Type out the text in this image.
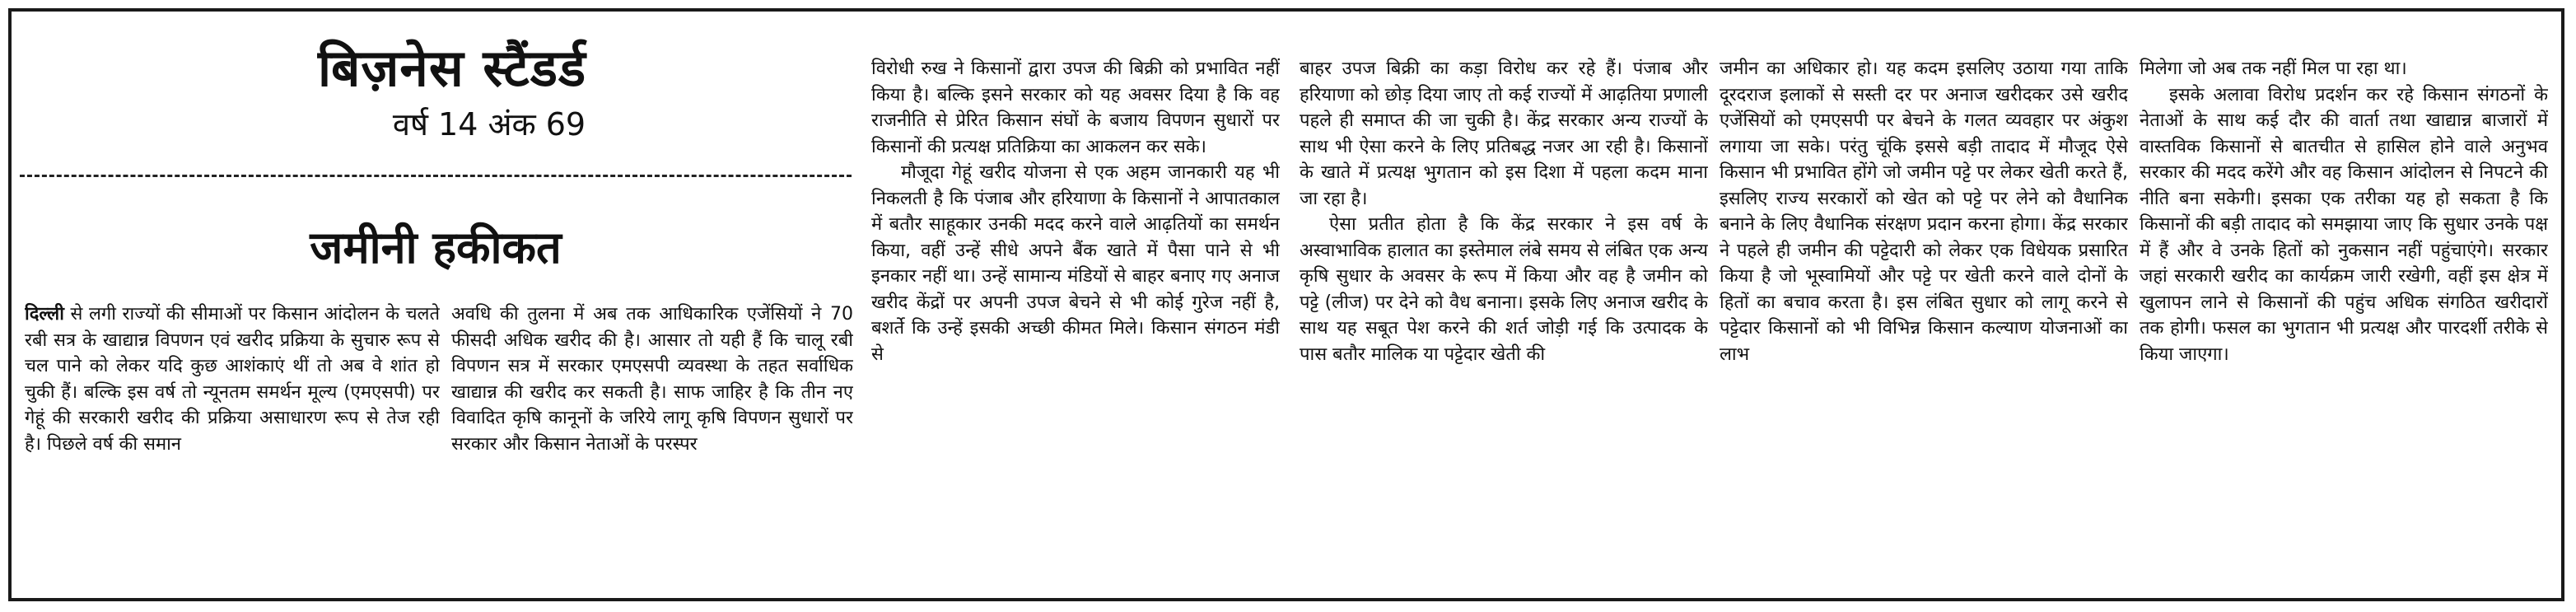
बिज़नेस स्टैंडर्ड
वर्ष 14 अंक 69
जमीनी हकीकत

दिल्ली से लगी राज्यों की सीमाओं पर किसान आंदोलन के चलते रबी सत्र के खाद्यान्न विपणन एवं खरीद प्रक्रिया के सुचारु रूप से चल पाने को लेकर यदि कुछ आशंकाएं थीं तो अब वे शांत हो चुकी हैं। बल्कि इस वर्ष तो न्यूनतम समर्थन मूल्य (एमएसपी) पर गेहूं की सरकारी खरीद की प्रक्रिया असाधारण रूप से तेज रही है। पिछले वर्ष की समान

अवधि की तुलना में अब तक आधिकारिक एजेंसियों ने 70 फीसदी अधिक खरीद की है। आसार तो यही हैं कि चालू रबी विपणन सत्र में सरकार एमएसपी व्यवस्था के तहत सर्वाधिक खाद्यान्न की खरीद कर सकती है। साफ जाहिर है कि तीन नए विवादित कृषि कानूनों के जरिये लागू कृषि विपणन सुधारों पर सरकार और किसान नेताओं के परस्पर

विरोधी रुख ने किसानों द्वारा उपज की बिक्री को प्रभावित नहीं किया है। बल्कि इसने सरकार को यह अवसर दिया है कि वह राजनीति से प्रेरित किसान संघों के बजाय विपणन सुधारों पर किसानों की प्रत्यक्ष प्रतिक्रिया का आकलन कर सके।

मौजूदा गेहूं खरीद योजना से एक अहम जानकारी यह भी निकलती है कि पंजाब और हरियाणा के किसानों ने आपातकाल में बतौर साहूकार उनकी मदद करने वाले आढ़तियों का समर्थन किया, वहीं उन्हें सीधे अपने बैंक खाते में पैसा पाने से भी इनकार नहीं था। उन्हें सामान्य मंडियों से बाहर बनाए गए अनाज खरीद केंद्रों पर अपनी उपज बेचने से भी कोई गुरेज नहीं है, बशर्ते कि उन्हें इसकी अच्छी कीमत मिले। किसान संगठन मंडी से

बाहर उपज बिक्री का कड़ा विरोध कर रहे हैं। पंजाब और हरियाणा को छोड़ दिया जाए तो कई राज्यों में आढ़तिया प्रणाली पहले ही समाप्त की जा चुकी है। केंद्र सरकार अन्य राज्यों के साथ भी ऐसा करने के लिए प्रतिबद्ध नजर आ रही है। किसानों के खाते में प्रत्यक्ष भुगतान को इस दिशा में पहला कदम माना जा रहा है।

ऐसा प्रतीत होता है कि केंद्र सरकार ने इस वर्ष के अस्वाभाविक हालात का इस्तेमाल लंबे समय से लंबित एक अन्य कृषि सुधार के अवसर के रूप में किया और वह है जमीन को पट्टे (लीज) पर देने को वैध बनाना। इसके लिए अनाज खरीद के साथ यह सबूत पेश करने की शर्त जोड़ी गई कि उत्पादक के पास बतौर मालिक या पट्टेदार खेती की

जमीन का अधिकार हो। यह कदम इसलिए उठाया गया ताकि दूरदराज इलाकों से सस्ती दर पर अनाज खरीदकर उसे खरीद एजेंसियों को एमएसपी पर बेचने के गलत व्यवहार पर अंकुश लगाया जा सके। परंतु चूंकि इससे बड़ी तादाद में मौजूद ऐसे किसान भी प्रभावित होंगे जो जमीन पट्टे पर लेकर खेती करते हैं, इसलिए राज्य सरकारों को खेत को पट्टे पर लेने को वैधानिक बनाने के लिए वैधानिक संरक्षण प्रदान करना होगा। केंद्र सरकार ने पहले ही जमीन की पट्टेदारी को लेकर एक विधेयक प्रसारित किया है जो भूस्वामियों और पट्टे पर खेती करने वाले दोनों के हितों का बचाव करता है। इस लंबित सुधार को लागू करने से पट्टेदार किसानों को भी विभिन्न किसान कल्याण योजनाओं का लाभ

मिलेगा जो अब तक नहीं मिल पा रहा था।

इसके अलावा विरोध प्रदर्शन कर रहे किसान संगठनों के नेताओं के साथ कई दौर की वार्ता तथा खाद्यान्न बाजारों में वास्तविक किसानों से बातचीत से हासिल होने वाले अनुभव सरकार की मदद करेंगे और वह किसान आंदोलन से निपटने की नीति बना सकेगी। इसका एक तरीका यह हो सकता है कि किसानों की बड़ी तादाद को समझाया जाए कि सुधार उनके पक्ष में हैं और वे उनके हितों को नुकसान नहीं पहुंचाएंगे। सरकार जहां सरकारी खरीद का कार्यक्रम जारी रखेगी, वहीं इस क्षेत्र में खुलापन लाने से किसानों की पहुंच अधिक संगठित खरीदारों तक होगी। फसल का भुगतान भी प्रत्यक्ष और पारदर्शी तरीके से किया जाएगा।
